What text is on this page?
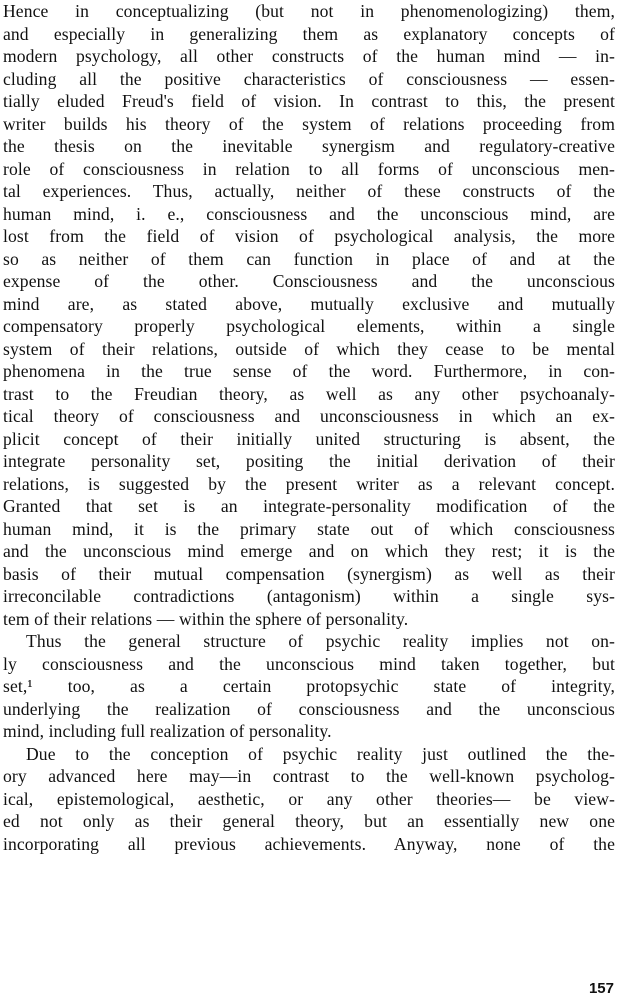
Hence in conceptualizing (but not in phenomenologizing) them,
and especially in generalizing them as explanatory concepts of
modern psychology, all other constructs of the human mind — in-
cluding all the positive characteristics of consciousness — essen-
tially eluded Freud's field of vision. In contrast to this, the present
writer builds his theory of the system of relations proceeding from
the thesis on the inevitable synergism and regulatory-creative
role of consciousness in relation to all forms of unconscious men-
tal experiences. Thus, actually, neither of these constructs of the
human mind, i. e., consciousness and the unconscious mind, are
lost from the field of vision of psychological analysis, the more
so as neither of them can function in place of and at the
expense of the other. Consciousness and the unconscious
mind are, as stated above, mutually exclusive and mutually
compensatory properly psychological elements, within a single
system of their relations, outside of which they cease to be mental
phenomena in the true sense of the word. Furthermore, in con-
trast to the Freudian theory, as well as any other psychoanaly-
tical theory of consciousness and unconsciousness in which an ex-
plicit concept of their initially united structuring is absent, the
integrate personality set, positing the initial derivation of their
relations, is suggested by the present writer as a relevant concept.
Granted that set is an integrate-personality modification of the
human mind, it is the primary state out of which consciousness
and the unconscious mind emerge and on which they rest; it is the
basis of their mutual compensation (synergism) as well as their
irreconcilable contradictions (antagonism) within a single sys-
tem of their relations — within the sphere of personality.
Thus the general structure of psychic reality implies not on-
ly consciousness and the unconscious mind taken together, but
set,¹ too, as a certain protopsychic state of integrity,
underlying the realization of consciousness and the unconscious
mind, including full realization of personality.
Due to the conception of psychic reality just outlined the the-
ory advanced here may—in contrast to the well-known psycholog-
ical, epistemological, aesthetic, or any other theories— be view-
ed not only as their general theory, but an essentially new one
incorporating all previous achievements. Anyway, none of the
157
